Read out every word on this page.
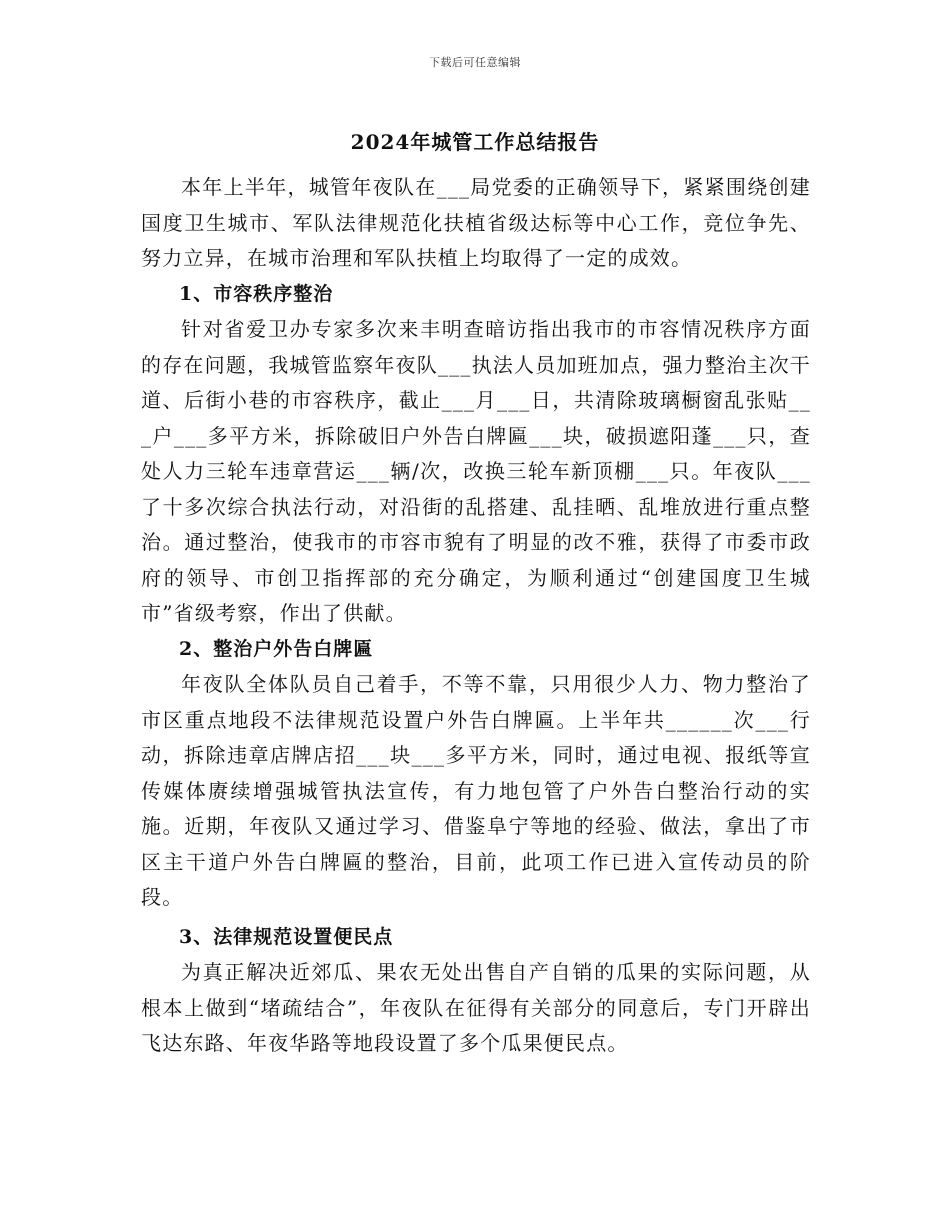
下载后可任意编辑
2024年城管工作总结报告

本年上半年，城管年夜队在___局党委的正确领导下，紧紧围绕创建国度卫生城市、军队法律规范化扶植省级达标等中心工作，竞位争先、努力立异，在城市治理和军队扶植上均取得了一定的成效。

1、市容秩序整治

针对省爱卫办专家多次来丰明查暗访指出我市的市容情况秩序方面的存在问题，我城管监察年夜队___执法人员加班加点，强力整治主次干道、后街小巷的市容秩序，截止___月___日，共清除玻璃橱窗乱张贴___户___多平方米，拆除破旧户外告白牌匾___块，破损遮阳蓬___只，查处人力三轮车违章营运___辆/次，改换三轮车新顶棚___只。年夜队___了十多次综合执法行动，对沿街的乱搭建、乱挂晒、乱堆放进行重点整治。通过整治，使我市的市容市貌有了明显的改不雅，获得了市委市政府的领导、市创卫指挥部的充分确定，为顺利通过“创建国度卫生城市”省级考察，作出了供献。

2、整治户外告白牌匾

年夜队全体队员自己着手，不等不靠，只用很少人力、物力整治了市区重点地段不法律规范设置户外告白牌匾。上半年共______次___行动，拆除违章店牌店招___块___多平方米，同时，通过电视、报纸等宣传媒体赓续增强城管执法宣传，有力地包管了户外告白整治行动的实施。近期，年夜队又通过学习、借鉴阜宁等地的经验、做法，拿出了市区主干道户外告白牌匾的整治，目前，此项工作已进入宣传动员的阶段。

3、法律规范设置便民点

为真正解决近郊瓜、果农无处出售自产自销的瓜果的实际问题，从根本上做到“堵疏结合”，年夜队在征得有关部分的同意后，专门开辟出飞达东路、年夜华路等地段设置了多个瓜果便民点。
